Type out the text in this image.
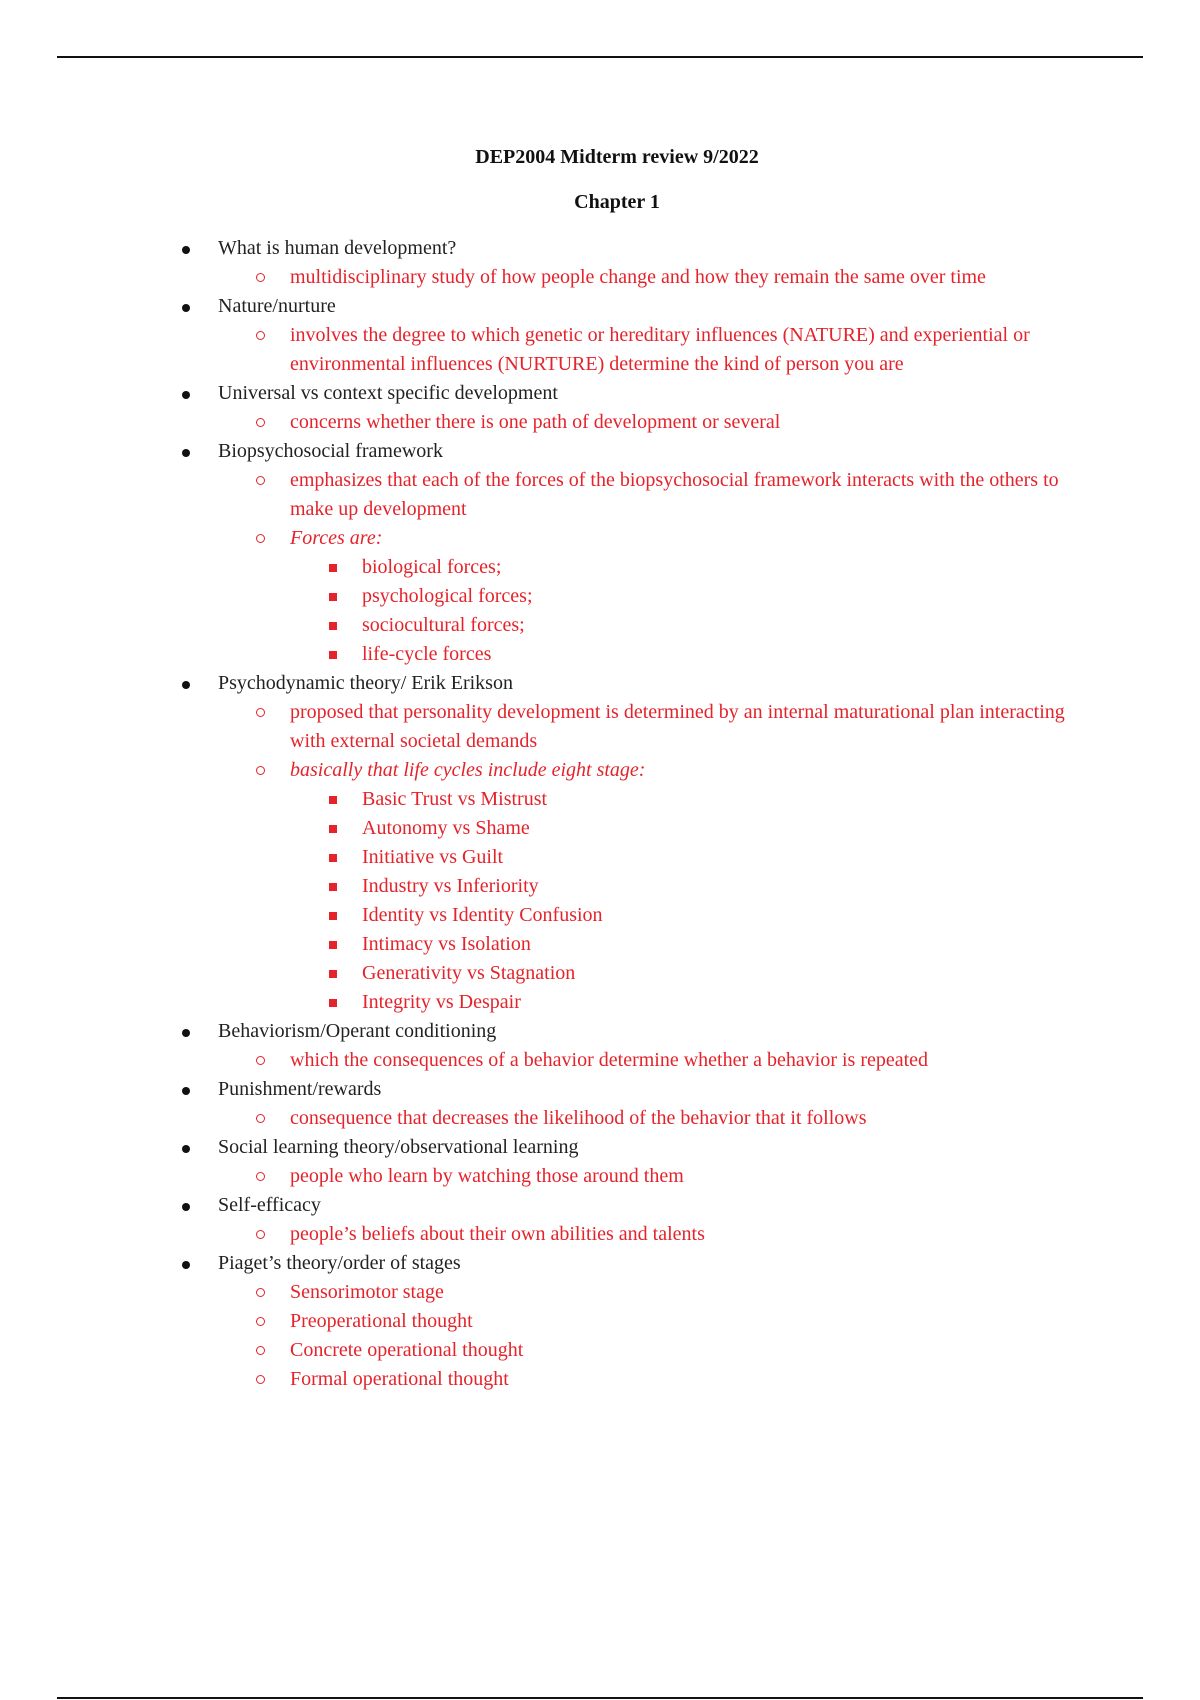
DEP2004 Midterm review 9/2022
Chapter 1
What is human development?
multidisciplinary study of how people change and how they remain the same over time
Nature/nurture
involves the degree to which genetic or hereditary influences (NATURE) and experiential or environmental influences (NURTURE) determine the kind of person you are
Universal vs context specific development
concerns whether there is one path of development or several
Biopsychosocial framework
emphasizes that each of the forces of the biopsychosocial framework interacts with the others to make up development
Forces are:
biological forces;
psychological forces;
sociocultural forces;
life-cycle forces
Psychodynamic theory/ Erik Erikson
proposed that personality development is determined by an internal maturational plan interacting with external societal demands
basically that life cycles include eight stage:
Basic Trust vs Mistrust
Autonomy vs Shame
Initiative vs Guilt
Industry vs Inferiority
Identity vs Identity Confusion
Intimacy vs Isolation
Generativity vs Stagnation
Integrity vs Despair
Behaviorism/Operant conditioning
which the consequences of a behavior determine whether a behavior is repeated
Punishment/rewards
consequence that decreases the likelihood of the behavior that it follows
Social learning theory/observational learning
people who learn by watching those around them
Self-efficacy
people’s beliefs about their own abilities and talents
Piaget’s theory/order of stages
Sensorimotor stage
Preoperational thought
Concrete operational thought
Formal operational thought
